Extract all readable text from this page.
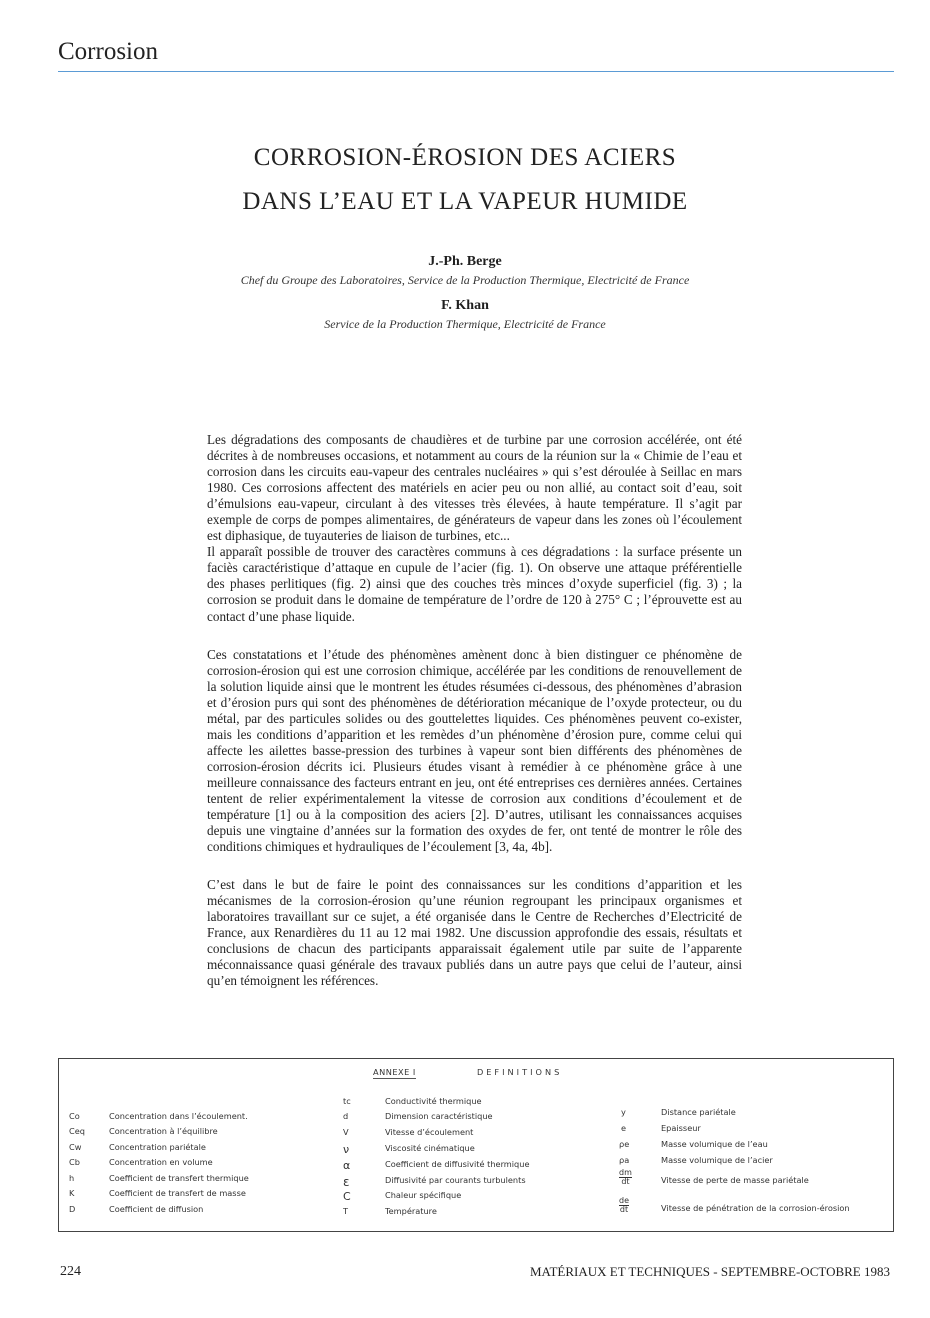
Corrosion
CORROSION-ÉROSION DES ACIERS
DANS L’EAU ET LA VAPEUR HUMIDE
J.-Ph. Berge
Chef du Groupe des Laboratoires, Service de la Production Thermique, Electricité de France
F. Khan
Service de la Production Thermique, Electricité de France

Les dégradations des composants de chaudières et de turbine par une corrosion accélérée, ont été décrites à de nombreuses occasions, et notamment au cours de la réunion sur la « Chimie de l’eau et corrosion dans les circuits eau-vapeur des centrales nucléaires » qui s’est déroulée à Seillac en mars 1980. Ces corrosions affectent des matériels en acier peu ou non allié, au contact soit d’eau, soit d’émulsions eau-vapeur, circulant à des vitesses très élevées, à haute température. Il s’agit par exemple de corps de pompes alimentaires, de générateurs de vapeur dans les zones où l’écoulement est diphasique, de tuyauteries de liaison de turbines, etc...

Il apparaît possible de trouver des caractères communs à ces dégradations : la surface présente un faciès caractéristique d’attaque en cupule de l’acier (fig. 1). On observe une attaque préférentielle des phases perlitiques (fig. 2) ainsi que des couches très minces d’oxyde superficiel (fig. 3) ; la corrosion se produit dans le domaine de température de l’ordre de 120 à 275° C ; l’éprouvette est au contact d’une phase liquide.

Ces constatations et l’étude des phénomènes amènent donc à bien distinguer ce phénomène de corrosion-érosion qui est une corrosion chimique, accélérée par les conditions de renouvellement de la solution liquide ainsi que le montrent les études résumées ci-dessous, des phénomènes d’abrasion et d’érosion purs qui sont des phénomènes de détérioration mécanique de l’oxyde protecteur, ou du métal, par des particules solides ou des gouttelettes liquides. Ces phénomènes peuvent co-exister, mais les conditions d’apparition et les remèdes d’un phénomène d’érosion pure, comme celui qui affecte les ailettes basse-pression des turbines à vapeur sont bien différents des phénomènes de corrosion-érosion décrits ici. Plusieurs études visant à remédier à ce phénomène grâce à une meilleure connaissance des facteurs entrant en jeu, ont été entreprises ces dernières années. Certaines tentent de relier expérimentalement la vitesse de corrosion aux conditions d’écoulement et de température [1] ou à la composition des aciers [2]. D’autres, utilisant les connaissances acquises depuis une vingtaine d’années sur la formation des oxydes de fer, ont tenté de montrer le rôle des conditions chimiques et hydrauliques de l’écoulement [3, 4a, 4b].

C’est dans le but de faire le point des connaissances sur les conditions d’apparition et les mécanismes de la corrosion-érosion qu’une réunion regroupant les principaux organismes et laboratoires travaillant sur ce sujet, a été organisée dans le Centre de Recherches d’Electricité de France, aux Renardières du 11 au 12 mai 1982. Une discussion approfondie des essais, résultats et conclusions de chacun des participants apparaissait également utile par suite de l’apparente méconnaissance quasi générale des travaux publiés dans un autre pays que celui de l’auteur, ainsi qu’en témoignent les références.

ANNEXE I	DEFINITIONS
Co	Concentration dans l’écoulement.
Ceq	Concentration à l’équilibre
Cw	Concentration pariétale
Cb	Concentration en volume
h	Coefficient de transfert thermique
K	Coefficient de transfert de masse
D	Coefficient de diffusion
tc	Conductivité thermique
d	Dimension caractéristique
V	Vitesse d’écoulement
ν	Viscosité cinématique
α	Coefficient de diffusivité thermique
ε	Diffusivité par courants turbulents
C	Chaleur spécifique
T	Température
y	Distance pariétale
e	Epaisseur
ρe	Masse volumique de l’eau
ρa	Masse volumique de l’acier
$\frac{dm}{dt}$	Vitesse de perte de masse pariétale
$\frac{de}{dt}$	Vitesse de pénétration de la corrosion-érosion
224	MATÉRIAUX ET TECHNIQUES - SEPTEMBRE-OCTOBRE 1983
